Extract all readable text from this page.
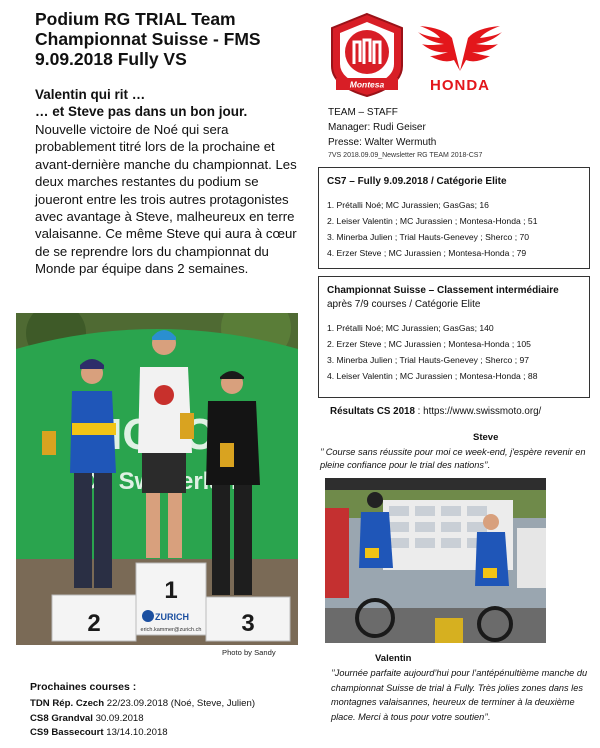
Podium RG TRIAL Team
Championnat Suisse - FMS
9.09.2018 Fully VS
Montesa	HONDA
Valentin qui rit …
… et Steve pas dans un bon jour.
Nouvelle victoire de Noé qui sera probablement titré lors de la prochaine et avant-dernière manche du championnat. Les deux marches restantes du podium se joueront entre les trois autres protagonistes avec avantage à Steve, malheureux en terre valaisanne. Ce même Steve qui aura à cœur de se reprendre lors du championnat du Monde par équipe dans 2 semaines.
TEAM – STAFF
Manager: Rudi Geiser
Presse: Walter Wermuth
7VS 2018.09.09_Newsletter RG TEAM 2018-CS7
CS7 – Fully 9.09.2018 / Catégorie Elite
1. Prétalli Noé; MC Jurassien; GasGas; 16
2. Leiser Valentin ; MC Jurassien ; Montesa-Honda ; 51
3. Minerba Julien ; Trial Hauts-Genevey ; Sherco ; 70
4. Erzer Steve ; MC Jurassien ; Montesa-Honda ; 79
Championnat Suisse – Classement intermédiaire
après 7/9 courses / Catégorie Elite
1. Prétalli Noé; MC Jurassien; GasGas; 140
2. Erzer Steve ; MC Jurassien ; Montesa-Honda ; 105
3. Minerba Julien ; Trial Hauts-Genevey ; Sherco ; 97
4. Leiser Valentin ; MC Jurassien ; Montesa-Honda ; 88
Résultats CS 2018 : https://www.swissmoto.org/
Steve
’’ Course sans réussite pour moi ce week-end, j'espère revenir en pleine confiance pour le trial des nations’’.
1
ZURICH
erich.kammer@zurich.ch
2	3
Photo by Sandy
Valentin
’’Journée parfaite aujourd’hui pour l’antépénultième manche du championnat Suisse de trial à Fully. Très jolies zones dans les montagnes valaisannes, heureux de terminer à la deuxième place. Merci à tous pour votre soutien’’.
Prochaines courses :
TDN Rép. Czech 22/23.09.2018 (Noé, Steve, Julien)
CS8 Grandval 30.09.2018
CS9 Bassecourt 13/14.10.2018
